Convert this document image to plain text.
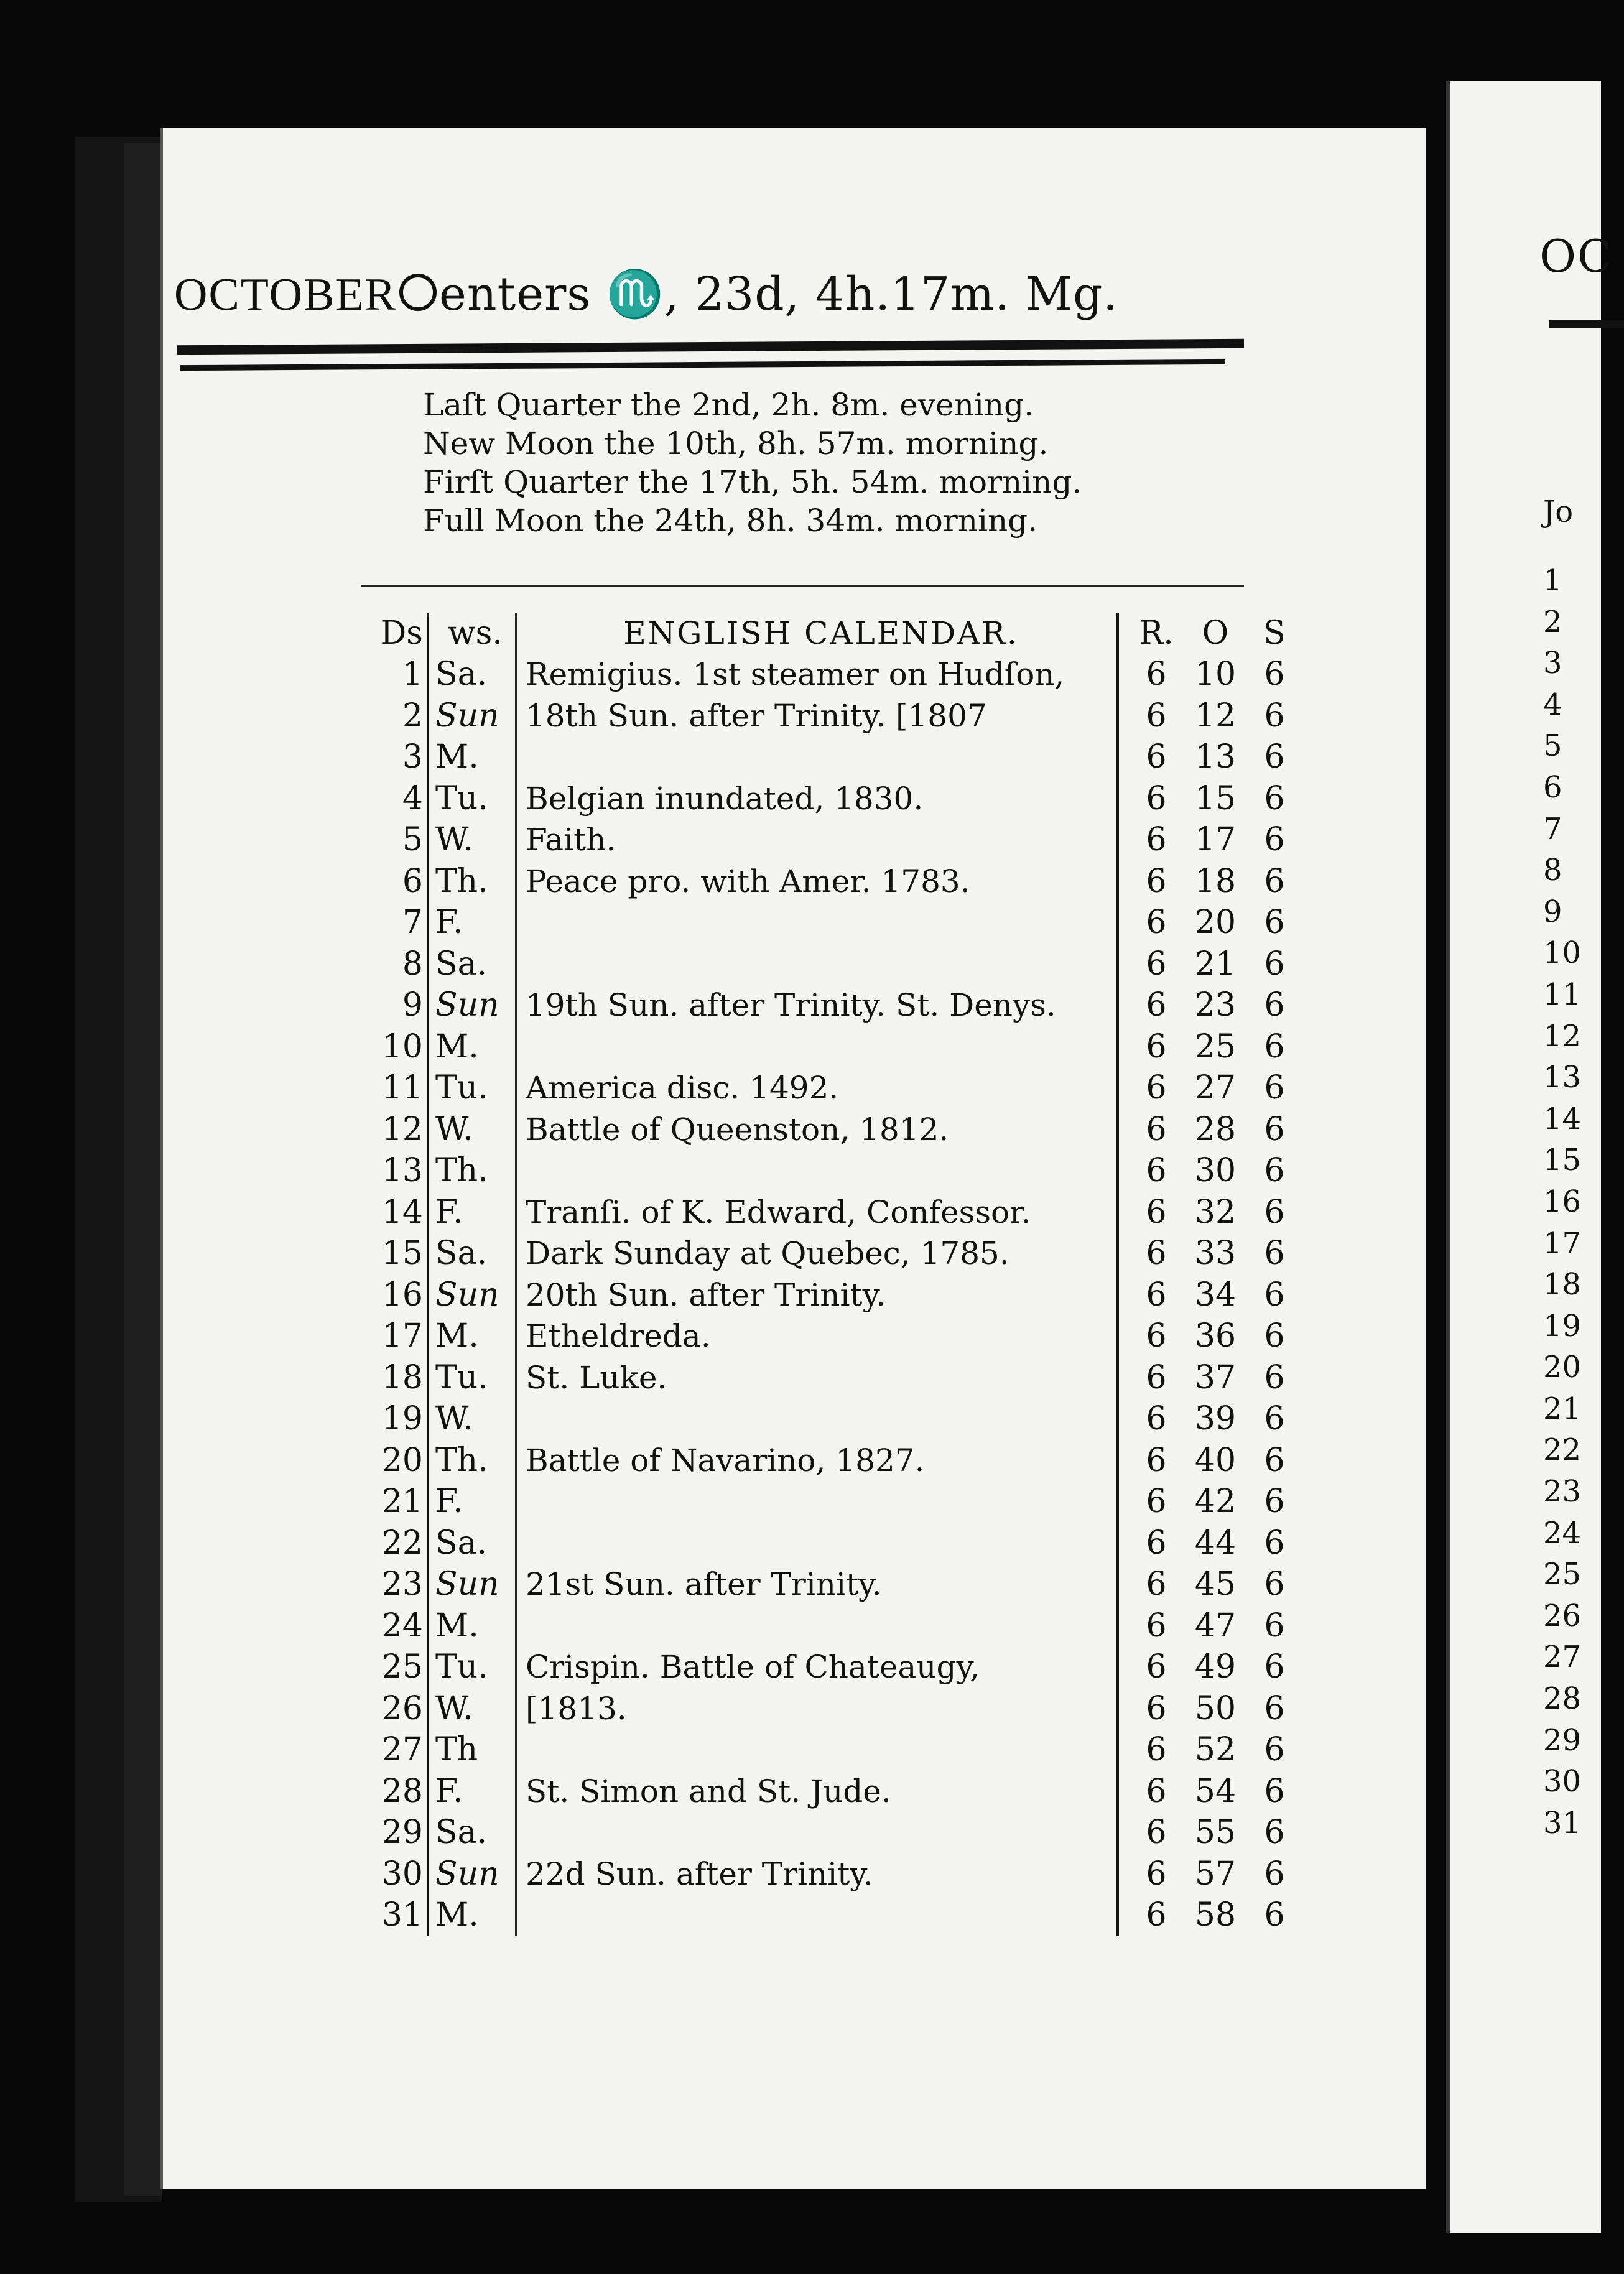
OC
Jo
1
2
3
4
5
6
7
8
9
10
11
12
13
14
15
16
17
18
19
20
21
22
23
24
25
26
27
28
29
30
31
OCTOBER enters ♏, 23d, 4h.17m. Mg.
Laſt Quarter the 2nd, 2h. 8m. evening.
New Moon the 10th, 8h. 57m. morning.
Firſt Quarter the 17th, 5h. 54m. morning.
Full Moon the 24th, 8h. 34m. morning.
Ds	ws.	ENGLISH CALENDAR.	R.	O	S
1	Sa.	Remigius. 1st steamer on Hudſon,	6	10	6
2	Sun	18th Sun. after Trinity. [1807	6	12	6
3	M.		6	13	6
4	Tu.	Belgian inundated, 1830.	6	15	6
5	W.	Faith.	6	17	6
6	Th.	Peace pro. with Amer. 1783.	6	18	6
7	F.		6	20	6
8	Sa.		6	21	6
9	Sun	19th Sun. after Trinity. St. Denys.	6	23	6
10	M.		6	25	6
11	Tu.	America disc. 1492.	6	27	6
12	W.	Battle of Queenston, 1812.	6	28	6
13	Th.		6	30	6
14	F.	Tranſi. of K. Edward, Confessor.	6	32	6
15	Sa.	Dark Sunday at Quebec, 1785.	6	33	6
16	Sun	20th Sun. after Trinity.	6	34	6
17	M.	Etheldreda.	6	36	6
18	Tu.	St. Luke.	6	37	6
19	W.		6	39	6
20	Th.	Battle of Navarino, 1827.	6	40	6
21	F.		6	42	6
22	Sa.		6	44	6
23	Sun	21st Sun. after Trinity.	6	45	6
24	M.		6	47	6
25	Tu.	Crispin. Battle of Chateaugy,	6	49	6
26	W.	[1813.	6	50	6
27	Th		6	52	6
28	F.	St. Simon and St. Jude.	6	54	6
29	Sa.		6	55	6
30	Sun	22d Sun. after Trinity.	6	57	6
31	M.		6	58	6
